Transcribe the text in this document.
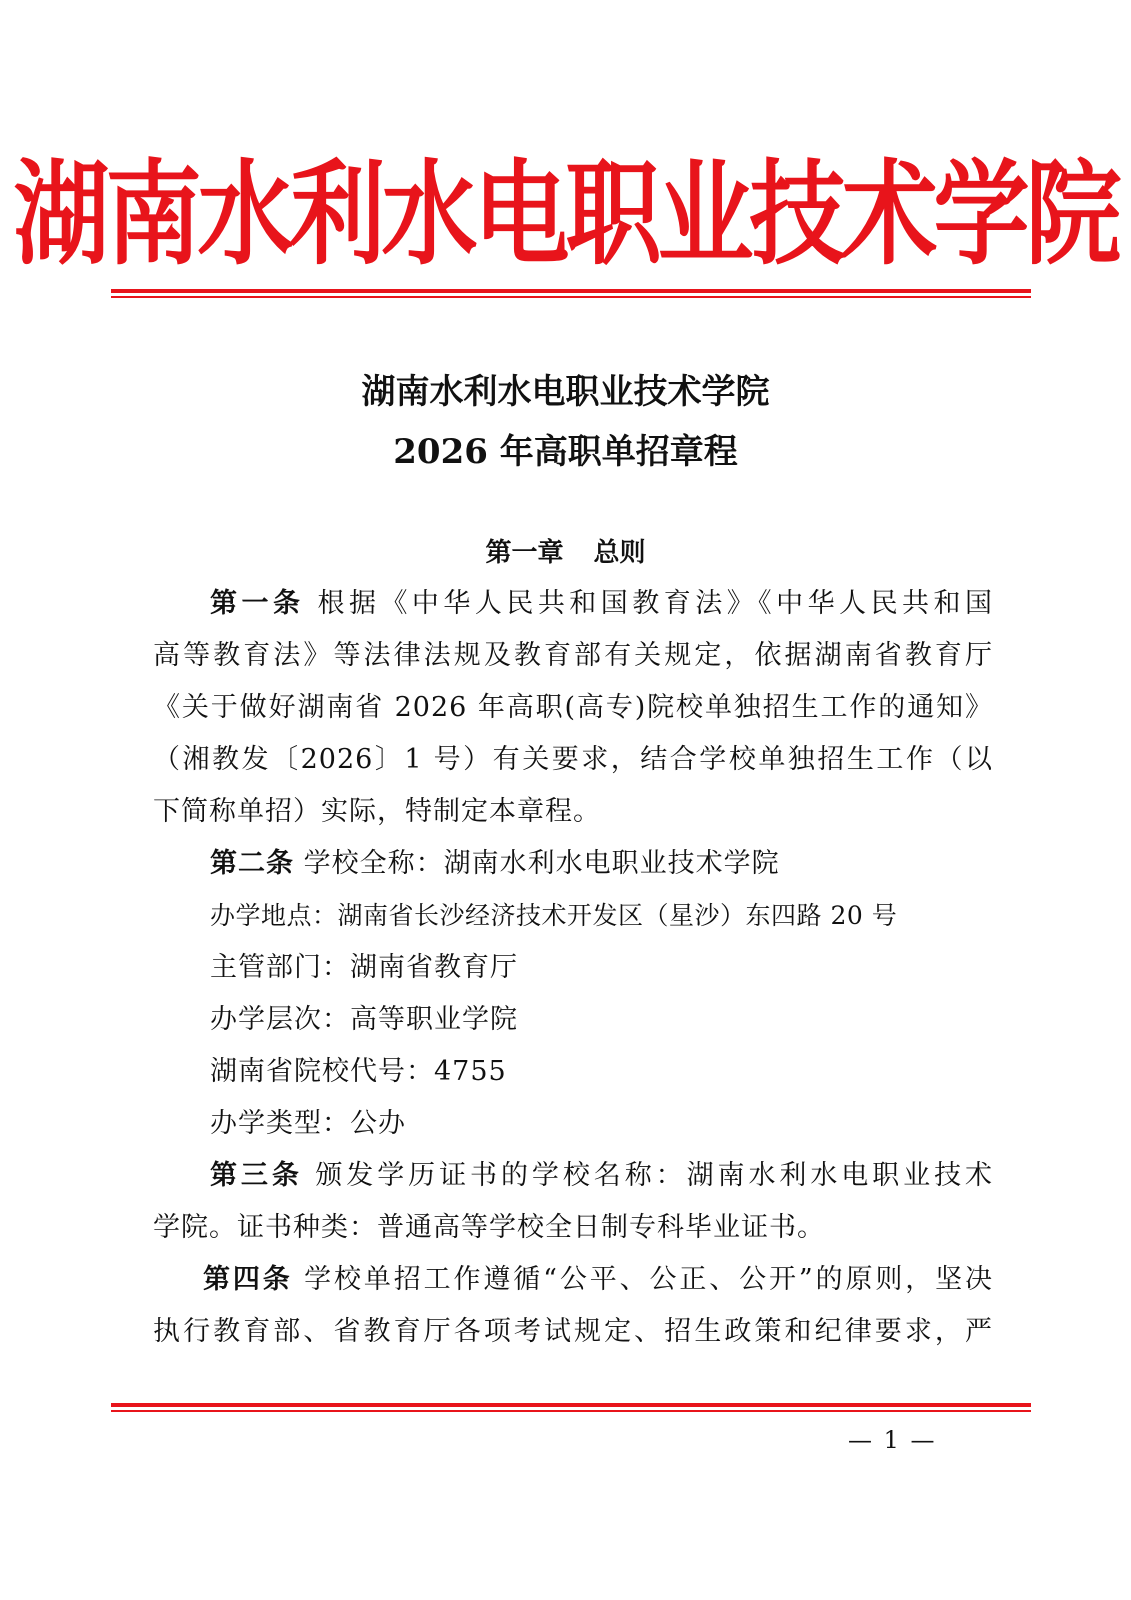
湖南水利水电职业技术学院
湖南水利水电职业技术学院
2026 年高职单招章程
第一章 总则
第一条 根据《中华人民共和国教育法》《中华人民共和国
高等教育法》等法律法规及教育部有关规定，依据湖南省教育厅
《关于做好湖南省 2026 年高职(高专)院校单独招生工作的通知》
（湘教发〔2026〕1 号）有关要求，结合学校单独招生工作（以
下简称单招）实际，特制定本章程。
第二条 学校全称：湖南水利水电职业技术学院
办学地点：湖南省长沙经济技术开发区（星沙）东四路 20 号
主管部门：湖南省教育厅
办学层次：高等职业学院
湖南省院校代号：4755
办学类型：公办
第三条 颁发学历证书的学校名称：湖南水利水电职业技术
学院。证书种类：普通高等学校全日制专科毕业证书。
第四条 学校单招工作遵循“公平、公正、公开”的原则，坚决
执行教育部、省教育厅各项考试规定、招生政策和纪律要求，严
— 1 —
